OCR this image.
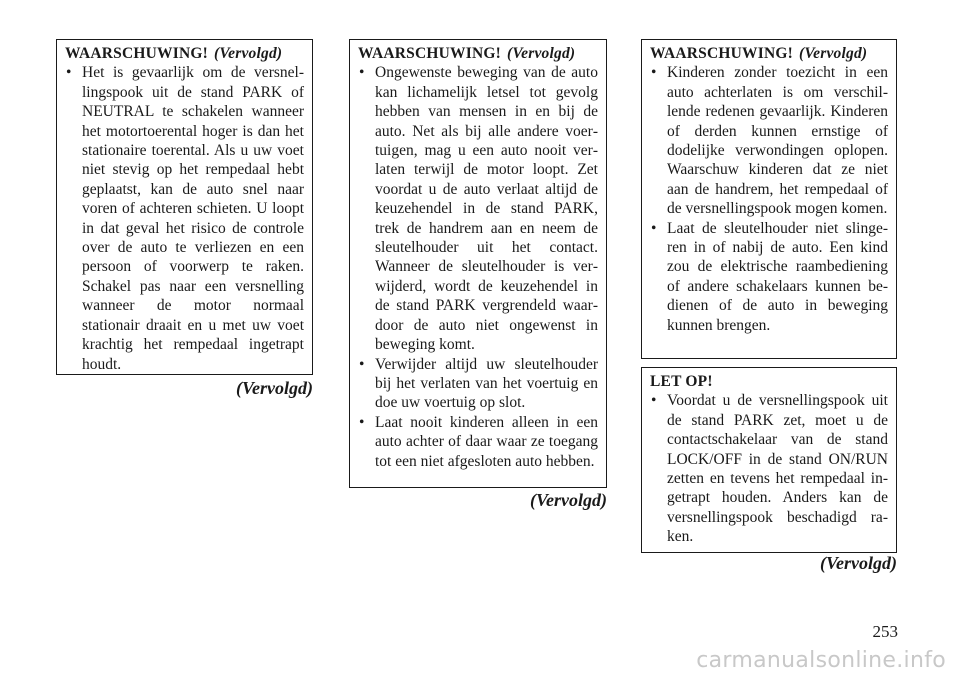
WAARSCHUWING! (Vervolgd)
• Het is gevaarlijk om de versnellingspook uit de stand PARK of NEUTRAL te schakelen wanneer het motortoerental hoger is dan het stationaire toerental. Als u uw voet niet stevig op het rempedaal hebt geplaatst, kan de auto snel naar voren of achteren schieten. U loopt in dat geval het risico de controle over de auto te verliezen en een persoon of voorwerp te raken. Schakel pas naar een versnelling wanneer de motor normaal stationair draait en u met uw voet krachtig het rempedaal ingetrapt houdt.
(Vervolgd)
WAARSCHUWING! (Vervolgd)
• Ongewenste beweging van de auto kan lichamelijk letsel tot gevolg hebben van mensen in en bij de auto. Net als bij alle andere voertuigen, mag u een auto nooit verlaten terwijl de motor loopt. Zet voordat u de auto verlaat altijd de keuzehendel in de stand PARK, trek de handrem aan en neem de sleutelhouder uit het contact. Wanneer de sleutelhouder is verwijderd, wordt de keuzehendel in de stand PARK vergrendeld waardoor de auto niet ongewenst in beweging komt.
• Verwijder altijd uw sleutelhouder bij het verlaten van het voertuig en doe uw voertuig op slot.
• Laat nooit kinderen alleen in een auto achter of daar waar ze toegang tot een niet afgesloten auto hebben.
(Vervolgd)
WAARSCHUWING! (Vervolgd)
• Kinderen zonder toezicht in een auto achterlaten is om verschillende redenen gevaarlijk. Kinderen of derden kunnen ernstige of dodelijke verwondingen oplopen. Waarschuw kinderen dat ze niet aan de handrem, het rempedaal of de versnellingspook mogen komen.
• Laat de sleutelhouder niet slingeren in of nabij de auto. Een kind zou de elektrische raambediening of andere schakelaars kunnen bedienen of de auto in beweging kunnen brengen.
LET OP!
• Voordat u de versnellingspook uit de stand PARK zet, moet u de contactschakelaar van de stand LOCK/OFF in de stand ON/RUN zetten en tevens het rempedaal ingetrapt houden. Anders kan de versnellingspook beschadigd raken.
(Vervolgd)
253
carmanualsonline.info
